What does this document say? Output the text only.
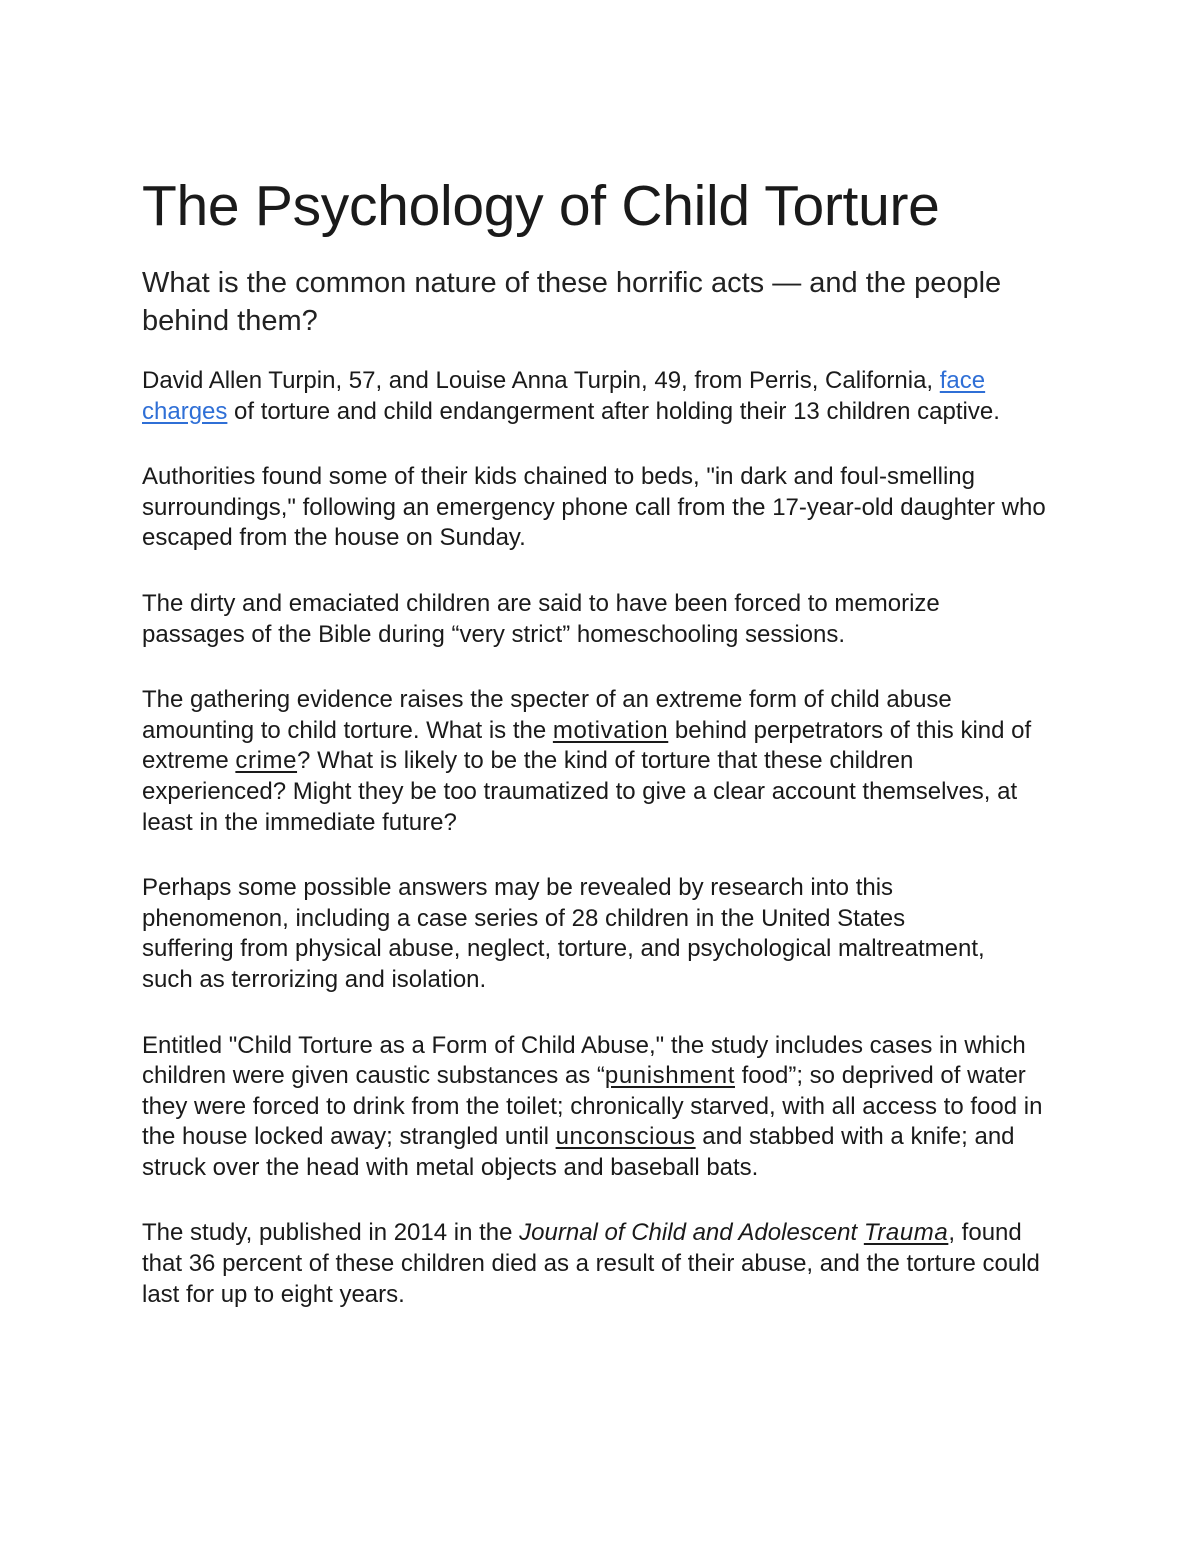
The Psychology of Child Torture
What is the common nature of these horrific acts — and the people behind them?

David Allen Turpin, 57, and Louise Anna Turpin, 49, from Perris, California, face charges of torture and child endangerment after holding their 13 children captive.

Authorities found some of their kids chained to beds, "in dark and foul-smelling surroundings," following an emergency phone call from the 17-year-old daughter who escaped from the house on Sunday.

The dirty and emaciated children are said to have been forced to memorize passages of the Bible during “very strict” homeschooling sessions.

The gathering evidence raises the specter of an extreme form of child abuse amounting to child torture. What is the motivation behind perpetrators of this kind of extreme crime? What is likely to be the kind of torture that these children experienced? Might they be too traumatized to give a clear account themselves, at least in the immediate future?

Perhaps some possible answers may be revealed by research into this phenomenon, including a case series of 28 children in the United States suffering from physical abuse, neglect, torture, and psychological maltreatment, such as terrorizing and isolation.

Entitled "Child Torture as a Form of Child Abuse," the study includes cases in which children were given caustic substances as “punishment food”; so deprived of water they were forced to drink from the toilet; chronically starved, with all access to food in the house locked away; strangled until unconscious and stabbed with a knife; and struck over the head with metal objects and baseball bats.

The study, published in 2014 in the Journal of Child and Adolescent Trauma, found that 36 percent of these children died as a result of their abuse, and the torture could last for up to eight years.
